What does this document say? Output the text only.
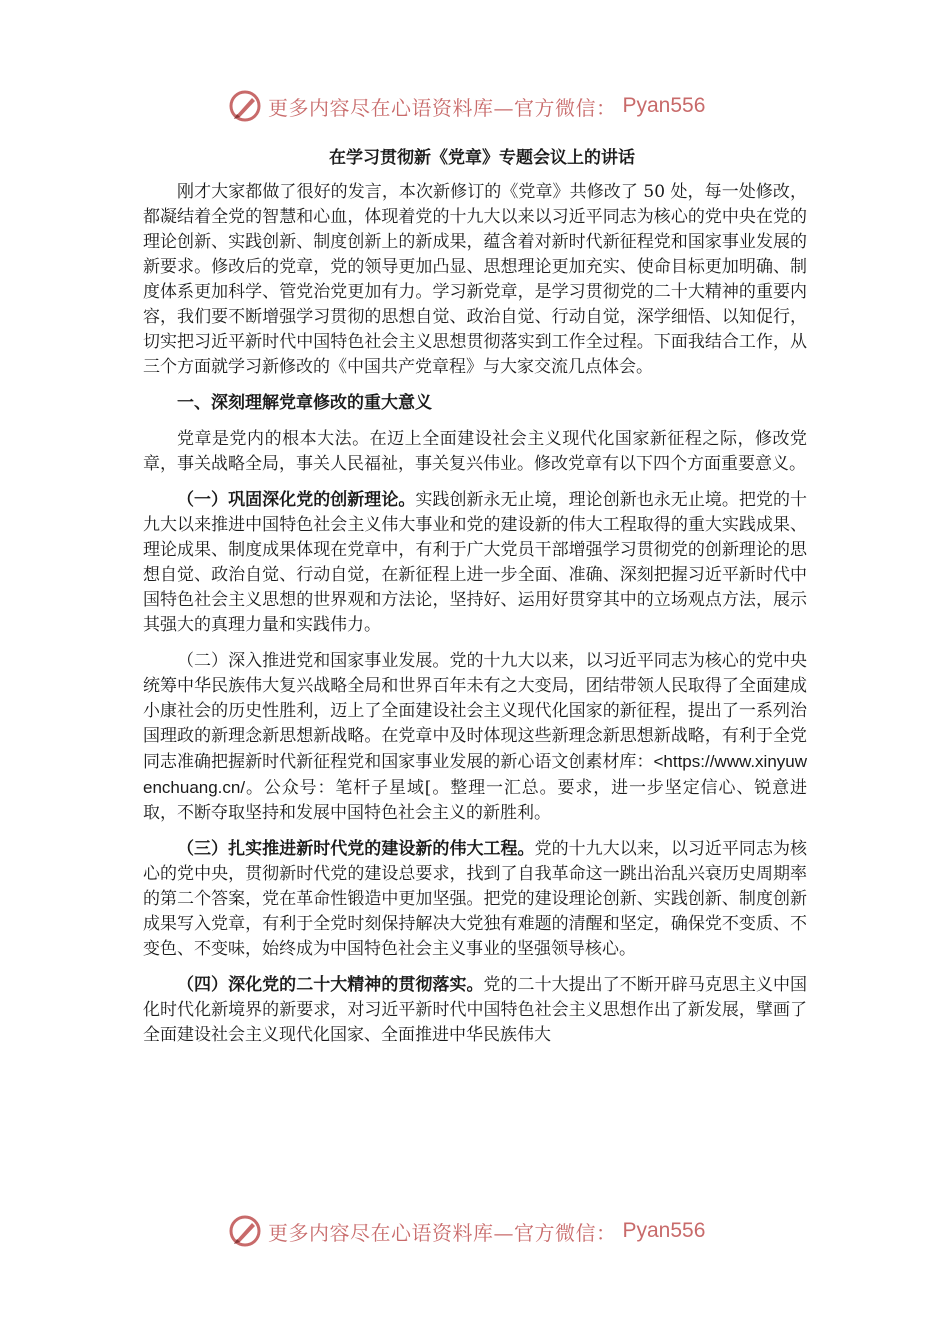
更多内容尽在心语资料库—官方微信： Pyan556
在学习贯彻新《党章》专题会议上的讲话

刚才大家都做了很好的发言，本次新修订的《党章》共修改了 50 处，每一处修改，都凝结着全党的智慧和心血，体现着党的十九大以来以习近平同志为核心的党中央在党的理论创新、实践创新、制度创新上的新成果，蕴含着对新时代新征程党和国家事业发展的新要求。修改后的党章，党的领导更加凸显、思想理论更加充实、使命目标更加明确、制度体系更加科学、管党治党更加有力。学习新党章，是学习贯彻党的二十大精神的重要内容，我们要不断增强学习贯彻的思想自觉、政治自觉、行动自觉，深学细悟、以知促行，切实把习近平新时代中国特色社会主义思想贯彻落实到工作全过程。下面我结合工作，从三个方面就学习新修改的《中国共产党章程》与大家交流几点体会。

一、深刻理解党章修改的重大意义

党章是党内的根本大法。在迈上全面建设社会主义现代化国家新征程之际，修改党章，事关战略全局，事关人民福祉，事关复兴伟业。修改党章有以下四个方面重要意义。

（一）巩固深化党的创新理论。实践创新永无止境，理论创新也永无止境。把党的十九大以来推进中国特色社会主义伟大事业和党的建设新的伟大工程取得的重大实践成果、理论成果、制度成果体现在党章中，有利于广大党员干部增强学习贯彻党的创新理论的思想自觉、政治自觉、行动自觉，在新征程上进一步全面、准确、深刻把握习近平新时代中国特色社会主义思想的世界观和方法论，坚持好、运用好贯穿其中的立场观点方法，展示其强大的真理力量和实践伟力。

（二）深入推进党和国家事业发展。党的十九大以来，以习近平同志为核心的党中央统筹中华民族伟大复兴战略全局和世界百年未有之大变局，团结带领人民取得了全面建成小康社会的历史性胜利，迈上了全面建设社会主义现代化国家的新征程，提出了一系列治国理政的新理念新思想新战略。在党章中及时体现这些新理念新思想新战略，有利于全党同志准确把握新时代新征程党和国家事业发展的新心语文创素材库：<https://www.xinyuwenchuang.cn/。公众号：笔杆子星域[。整理一汇总。要求，进一步坚定信心、锐意进取，不断夺取坚持和发展中国特色社会主义的新胜利。

（三）扎实推进新时代党的建设新的伟大工程。党的十九大以来，以习近平同志为核心的党中央，贯彻新时代党的建设总要求，找到了自我革命这一跳出治乱兴衰历史周期率的第二个答案，党在革命性锻造中更加坚强。把党的建设理论创新、实践创新、制度创新成果写入党章，有利于全党时刻保持解决大党独有难题的清醒和坚定，确保党不变质、不变色、不变味，始终成为中国特色社会主义事业的坚强领导核心。

（四）深化党的二十大精神的贯彻落实。党的二十大提出了不断开辟马克思主义中国化时代化新境界的新要求，对习近平新时代中国特色社会主义思想作出了新发展，擘画了全面建设社会主义现代化国家、全面推进中华民族伟大

更多内容尽在心语资料库—官方微信： Pyan556
